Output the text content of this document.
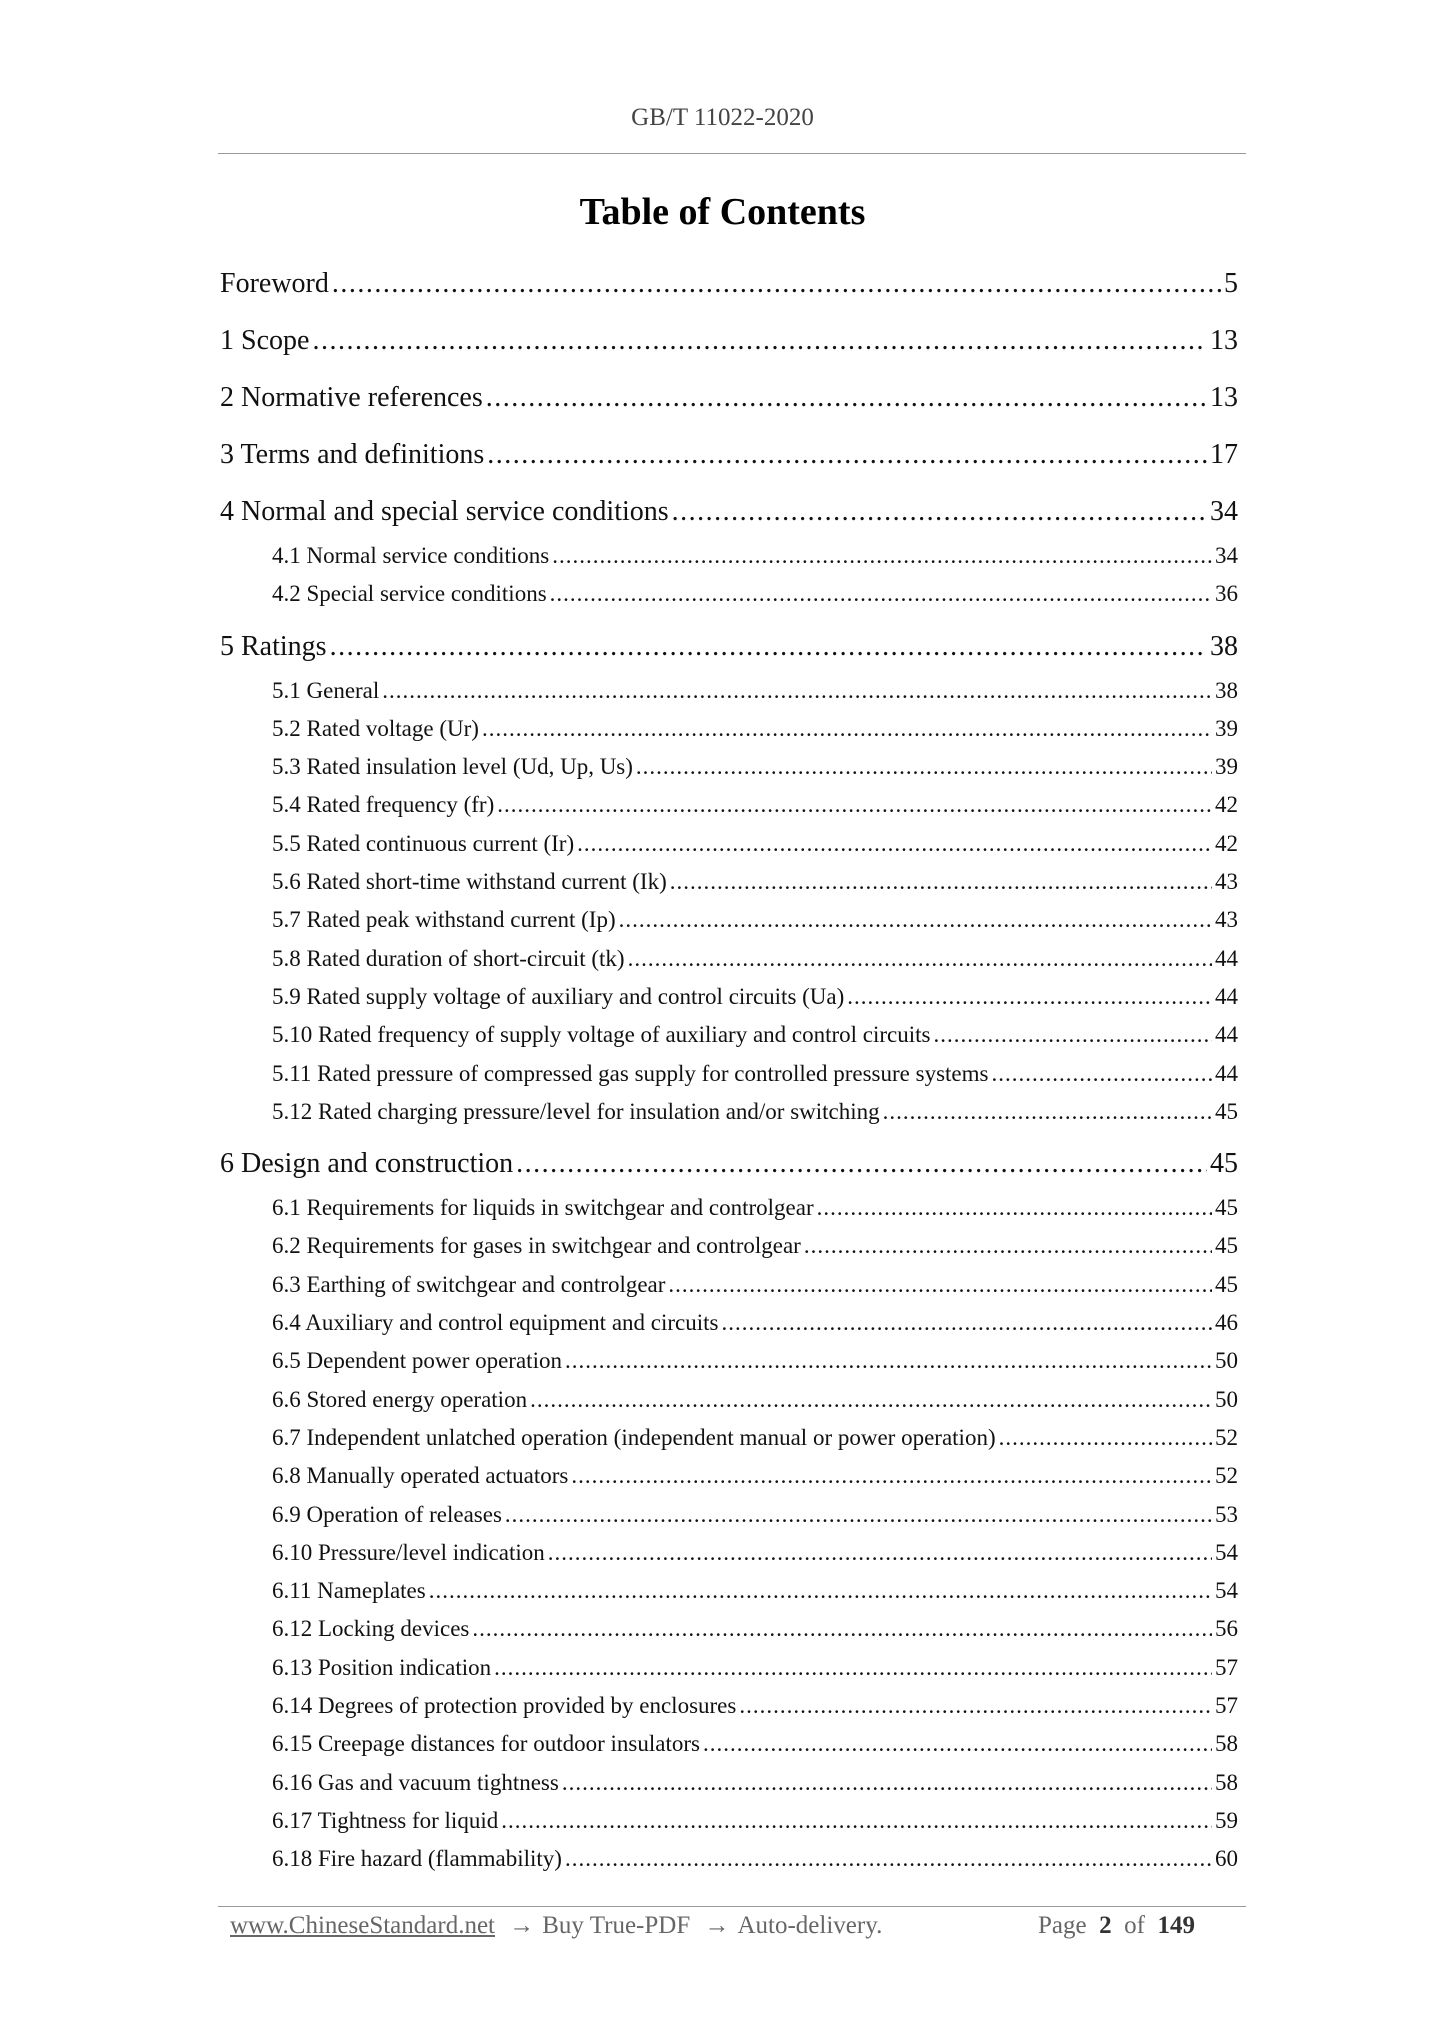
GB/T 11022-2020
Table of Contents
Foreword .....	5
1 Scope .....	13
2 Normative references .....	13
3 Terms and definitions .....	17
4 Normal and special service conditions .....	34
4.1 Normal service conditions .....	34
4.2 Special service conditions .....	36
5 Ratings .....	38
5.1 General .....	38
5.2 Rated voltage (Ur) .....	39
5.3 Rated insulation level (Ud, Up, Us) .....	39
5.4 Rated frequency (fr) .....	42
5.5 Rated continuous current (Ir) .....	42
5.6 Rated short-time withstand current (Ik) .....	43
5.7 Rated peak withstand current (Ip) .....	43
5.8 Rated duration of short-circuit (tk) .....	44
5.9 Rated supply voltage of auxiliary and control circuits (Ua) .....	44
5.10 Rated frequency of supply voltage of auxiliary and control circuits .....	44
5.11 Rated pressure of compressed gas supply for controlled pressure systems .....	44
5.12 Rated charging pressure/level for insulation and/or switching .....	45
6 Design and construction .....	45
6.1 Requirements for liquids in switchgear and controlgear .....	45
6.2 Requirements for gases in switchgear and controlgear .....	45
6.3 Earthing of switchgear and controlgear .....	45
6.4 Auxiliary and control equipment and circuits .....	46
6.5 Dependent power operation .....	50
6.6 Stored energy operation .....	50
6.7 Independent unlatched operation (independent manual or power operation) .....	52
6.8 Manually operated actuators .....	52
6.9 Operation of releases .....	53
6.10 Pressure/level indication .....	54
6.11 Nameplates .....	54
6.12 Locking devices .....	56
6.13 Position indication .....	57
6.14 Degrees of protection provided by enclosures .....	57
6.15 Creepage distances for outdoor insulators .....	58
6.16 Gas and vacuum tightness .....	58
6.17 Tightness for liquid .....	59
6.18 Fire hazard (flammability) .....	60
www.ChineseStandard.net → Buy True-PDF → Auto-delivery.	Page 2 of 149
